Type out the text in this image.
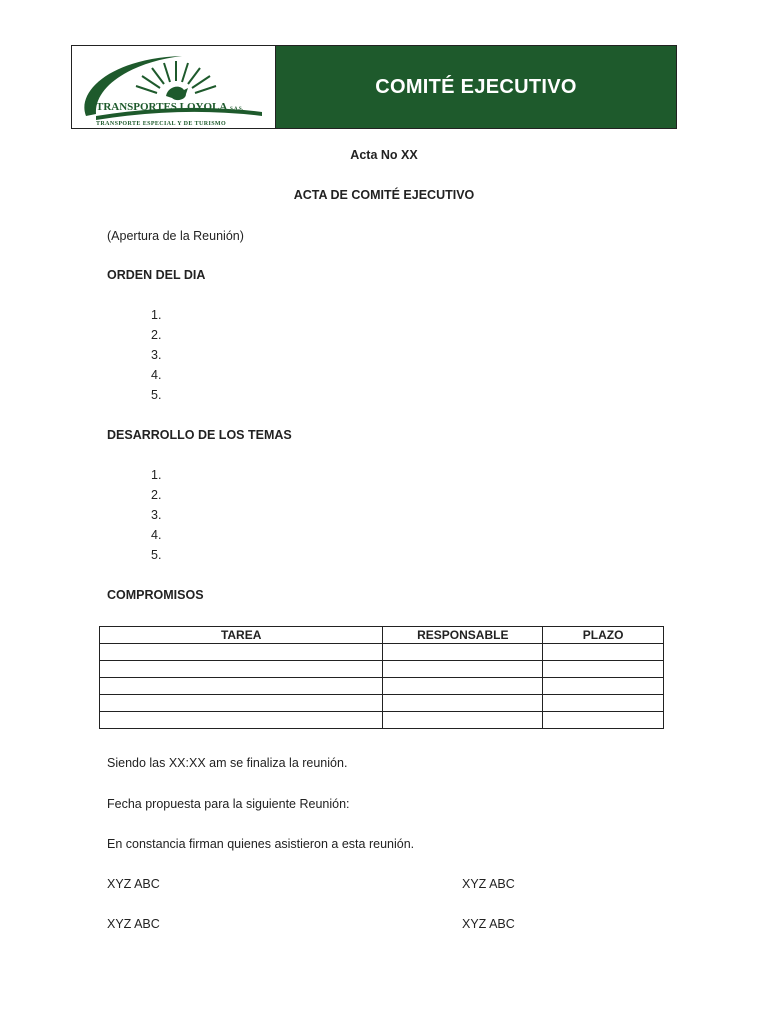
TRANSPORTES LOYOLA S.A.S.
TRANSPORTE ESPECIAL Y DE TURISMO
COMITÉ EJECUTIVO
Acta No XX
ACTA DE COMITÉ EJECUTIVO
(Apertura de la Reunión)
ORDEN DEL DIA
1.
2.
3.
4.
5.
DESARROLLO DE LOS TEMAS
1.
2.
3.
4.
5.
COMPROMISOS
TAREA	RESPONSABLE	PLAZO

Siendo las XX:XX am se finaliza la reunión.
Fecha propuesta para la siguiente Reunión:
En constancia firman quienes asistieron a esta reunión.
XYZ ABC	XYZ ABC
XYZ ABC	XYZ ABC
